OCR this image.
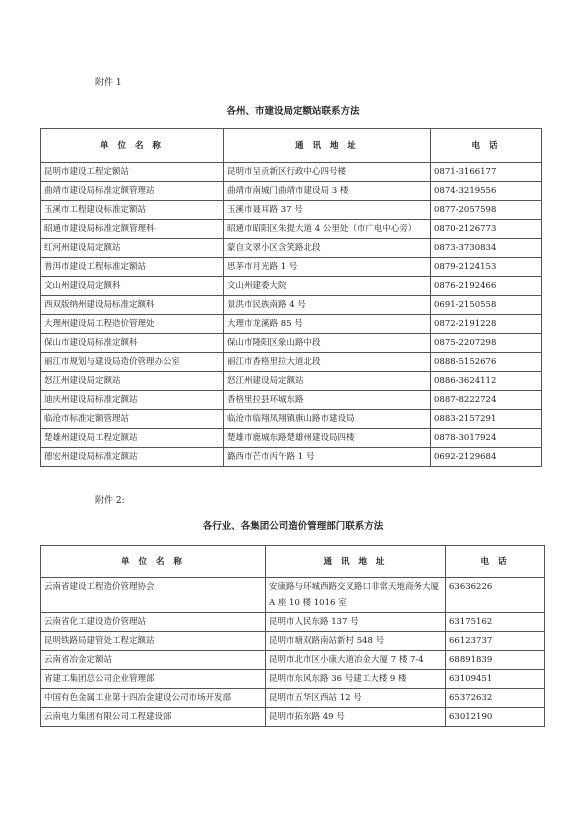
附件 1
各州、市建设局定额站联系方法
单 位 名 称	通 讯 地 址	电 话
昆明市建设工程定额站	昆明市呈贡新区行政中心四号楼	0871-3166177
曲靖市建设局标准定额管理站	曲靖市南城门曲靖市建设局 3 楼	0874-3219556
玉溪市工程建设标准定额站	玉溪市聂耳路 37 号	0877-2057598
昭通市建设局标准定额管理科	昭通市昭阳区朱提大道 4 公里处（市广电中心旁）	0870-2126773
红河州建设局定额站	蒙自文翠小区含笑路北段	0873-3730834
普洱市建设工程标准定额站	思茅市月光路 1 号	0879-2124153
文山州建设局定额科	文山州建委大院	0876-2192466
西双版纳州建设局标准定额科	景洪市民族南路 4 号	0691-2150558
大理州建设局工程造价管理处	大理市龙溪路 85 号	0872-2191228
保山市建设局标准定额科	保山市隆阳区象山路中段	0875-2207298
丽江市规划与建设局造价管理办公室	丽江市香格里拉大道北段	0888-5152676
怒江州建设局定额站	怒江州建设局定额站	0886-3624112
迪庆州建设局标准定额站	香格里拉县环城东路	0887-8222724
临沧市标准定额管理站	临沧市临翔凤翔镇旗山路市建设局	0883-2157291
楚雄州建设局工程定额站	楚雄市鹿城东路楚雄州建设局四楼	0878-3017924
德宏州建设局标准定额站	潞西市芒市丙午路 1 号	0692-2129684
附件 2:
各行业、各集团公司造价管理部门联系方法
单 位 名 称	通 讯 地 址	电 话
云南省建设工程造价管理协会	安康路与环城西路交叉路口非常天地商务大厦 A 座 10 楼 1016 室	63636226
云南省化工建设造价管理站	昆明市人民东路 137 号	63175162
昆明铁路局建管处工程定额站	昆明市塘双路南站新村 548 号	66123737
云南省冶金定额站	昆明市北市区小康大道冶金大厦 7 楼 7-4	68891839
省建工集团总公司企业管理部	昆明市东风东路 36 号建工大楼 9 楼	63109451
中国有色金属工业第十四冶金建设公司市场开发部	昆明市五华区西站 12 号	65372632
云南电力集团有限公司工程建设部	昆明市拓东路 49 号	63012190
